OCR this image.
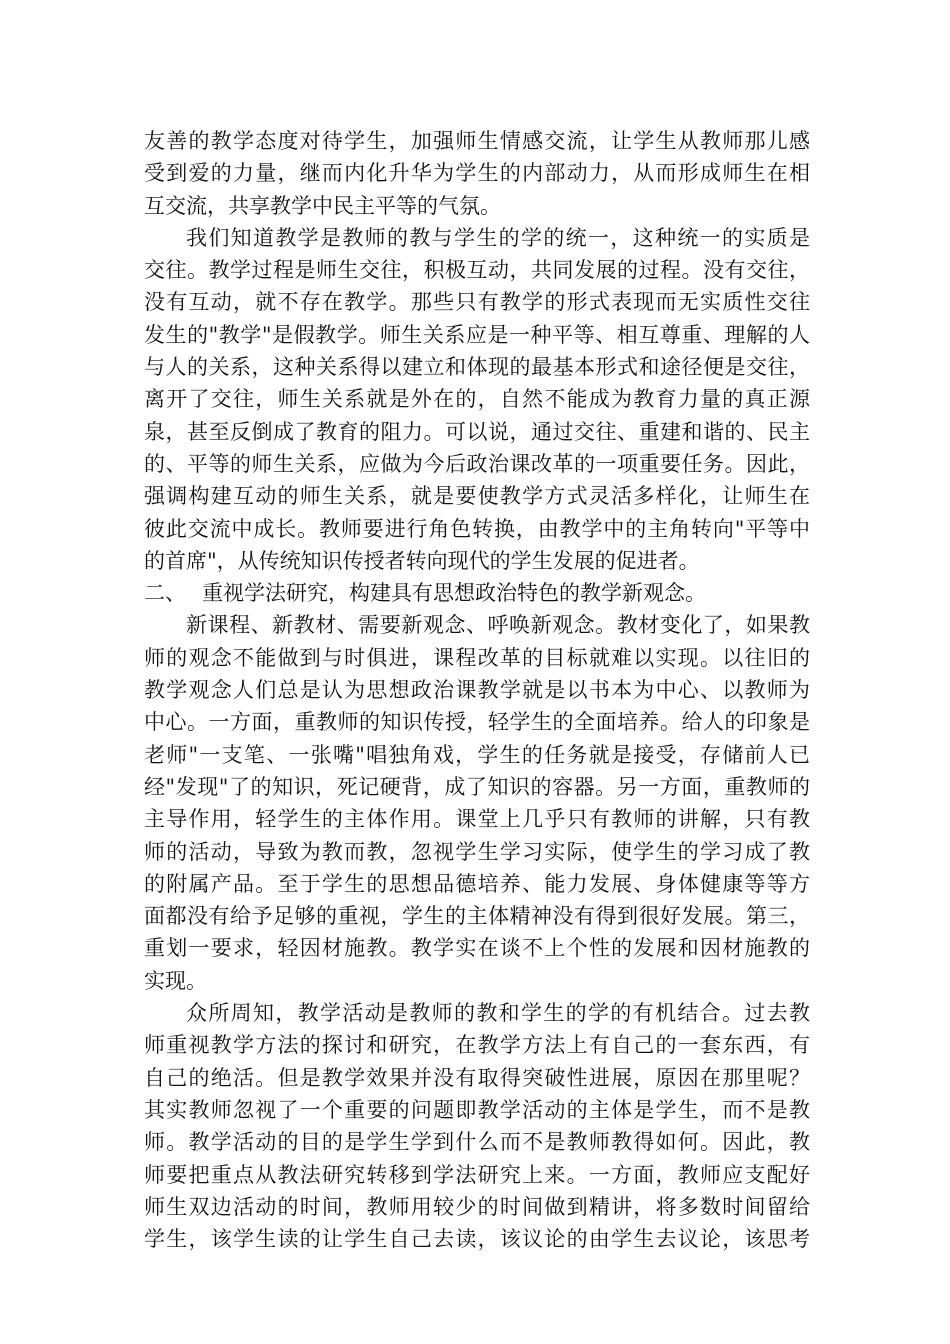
友善的教学态度对待学生，加强师生情感交流，让学生从教师那儿感
受到爱的力量，继而内化升华为学生的内部动力，从而形成师生在相
互交流，共享教学中民主平等的气氛。
我们知道教学是教师的教与学生的学的统一，这种统一的实质是
交往。教学过程是师生交往，积极互动，共同发展的过程。没有交往，
没有互动，就不存在教学。那些只有教学的形式表现而无实质性交往
发生的"教学"是假教学。师生关系应是一种平等、相互尊重、理解的人
与人的关系，这种关系得以建立和体现的最基本形式和途径便是交往，
离开了交往，师生关系就是外在的，自然不能成为教育力量的真正源
泉，甚至反倒成了教育的阻力。可以说，通过交往、重建和谐的、民主
的、平等的师生关系，应做为今后政治课改革的一项重要任务。因此，
强调构建互动的师生关系，就是要使教学方式灵活多样化，让师生在
彼此交流中成长。教师要进行角色转换，由教学中的主角转向"平等中
的首席"，从传统知识传授者转向现代的学生发展的促进者。
二、 重视学法研究，构建具有思想政治特色的教学新观念。
新课程、新教材、需要新观念、呼唤新观念。教材变化了，如果教
师的观念不能做到与时俱进，课程改革的目标就难以实现。以往旧的
教学观念人们总是认为思想政治课教学就是以书本为中心、以教师为
中心。一方面，重教师的知识传授，轻学生的全面培养。给人的印象是
老师"一支笔、一张嘴"唱独角戏，学生的任务就是接受，存储前人已
经"发现"了的知识，死记硬背，成了知识的容器。另一方面，重教师的
主导作用，轻学生的主体作用。课堂上几乎只有教师的讲解，只有教
师的活动，导致为教而教，忽视学生学习实际，使学生的学习成了教
的附属产品。至于学生的思想品德培养、能力发展、身体健康等等方
面都没有给予足够的重视，学生的主体精神没有得到很好发展。第三，
重划一要求，轻因材施教。教学实在谈不上个性的发展和因材施教的
实现。
众所周知，教学活动是教师的教和学生的学的有机结合。过去教
师重视教学方法的探讨和研究，在教学方法上有自己的一套东西，有
自己的绝活。但是教学效果并没有取得突破性进展，原因在那里呢？
其实教师忽视了一个重要的问题即教学活动的主体是学生，而不是教
师。教学活动的目的是学生学到什么而不是教师教得如何。因此，教
师要把重点从教法研究转移到学法研究上来。一方面，教师应支配好
师生双边活动的时间，教师用较少的时间做到精讲，将多数时间留给
学生，该学生读的让学生自己去读，该议论的由学生去议论，该思考
